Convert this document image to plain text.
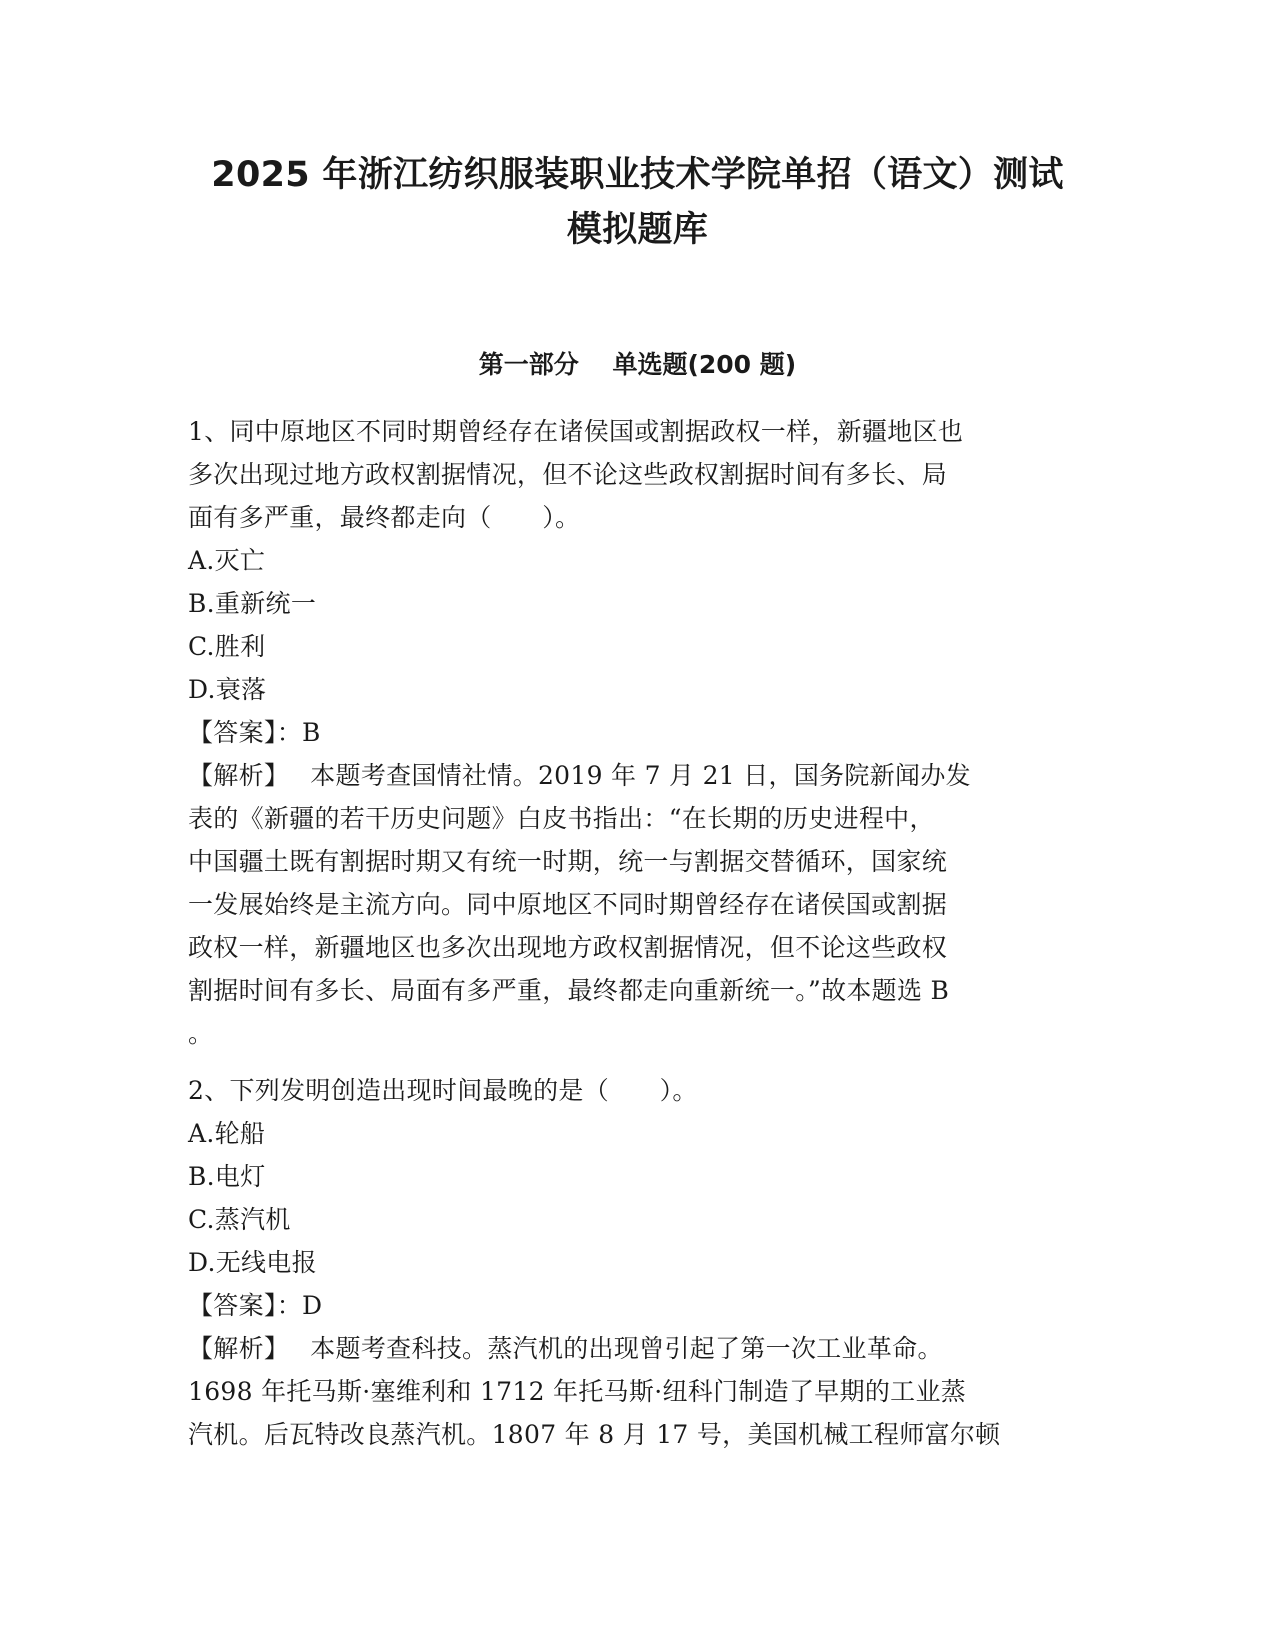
2025 年浙江纺织服装职业技术学院单招（语文）测试
模拟题库
第一部分　 单选题(200 题)
1、同中原地区不同时期曾经存在诸侯国或割据政权一样，新疆地区也
多次出现过地方政权割据情况，但不论这些政权割据时间有多长、局
面有多严重，最终都走向（　　）。
A.灭亡
B.重新统一
C.胜利
D.衰落
【答案】：B
【解析】　 本题考查国情社情。2019 年 7 月 21 日，国务院新闻办发
表的《新疆的若干历史问题》白皮书指出：“在长期的历史进程中，
中国疆土既有割据时期又有统一时期，统一与割据交替循环，国家统
一发展始终是主流方向。同中原地区不同时期曾经存在诸侯国或割据
政权一样，新疆地区也多次出现地方政权割据情况，但不论这些政权
割据时间有多长、局面有多严重，最终都走向重新统一。”故本题选 B
。
2、下列发明创造出现时间最晚的是（　　）。
A.轮船
B.电灯
C.蒸汽机
D.无线电报
【答案】：D
【解析】　 本题考查科技。蒸汽机的出现曾引起了第一次工业革命。
1698 年托马斯·塞维利和 1712 年托马斯·纽科门制造了早期的工业蒸
汽机。后瓦特改良蒸汽机。1807 年 8 月 17 号，美国机械工程师富尔顿
